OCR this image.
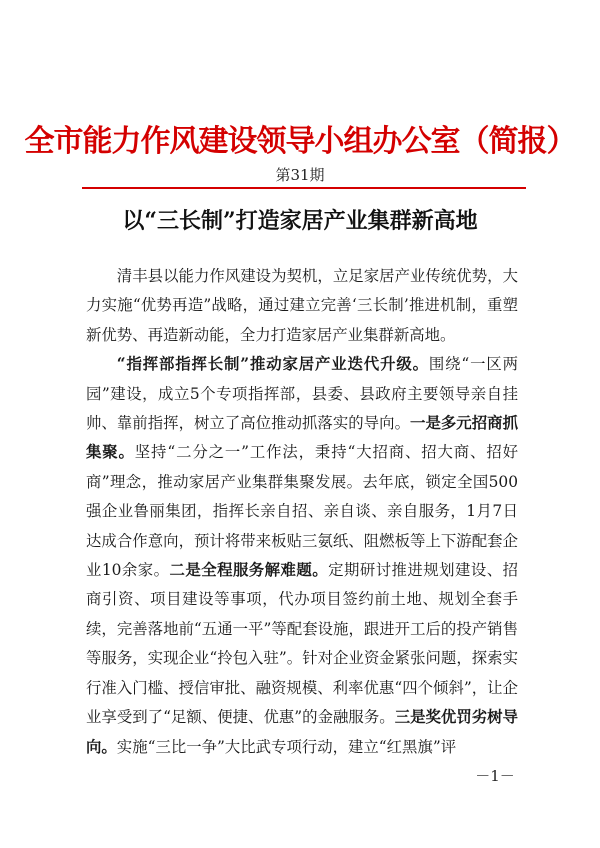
全市能力作风建设领导小组办公室（简报）
第31期
以“三长制”打造家居产业集群新高地

清丰县以能力作风建设为契机，立足家居产业传统优势，大力实施“优势再造”战略，通过建立完善‘三长制’推进机制，重塑新优势、再造新动能，全力打造家居产业集群新高地。

“指挥部指挥长制”推动家居产业迭代升级。围绕“一区两园”建设，成立5个专项指挥部，县委、县政府主要领导亲自挂帅、靠前指挥，树立了高位推动抓落实的导向。一是多元招商抓集聚。坚持“二分之一”工作法，秉持“大招商、招大商、招好商”理念，推动家居产业集群集聚发展。去年底，锁定全国500强企业鲁丽集团，指挥长亲自招、亲自谈、亲自服务，1月7日达成合作意向，预计将带来板贴三氨纸、阻燃板等上下游配套企业10余家。二是全程服务解难题。定期研讨推进规划建设、招商引资、项目建设等事项，代办项目签约前土地、规划全套手续，完善落地前“五通一平”等配套设施，跟进开工后的投产销售等服务，实现企业“拎包入驻”。针对企业资金紧张问题，探索实行准入门槛、授信审批、融资规模、利率优惠“四个倾斜”，让企业享受到了“足额、便捷、优惠”的金融服务。三是奖优罚劣树导向。实施“三比一争”大比武专项行动，建立“红黑旗”评

－1－
